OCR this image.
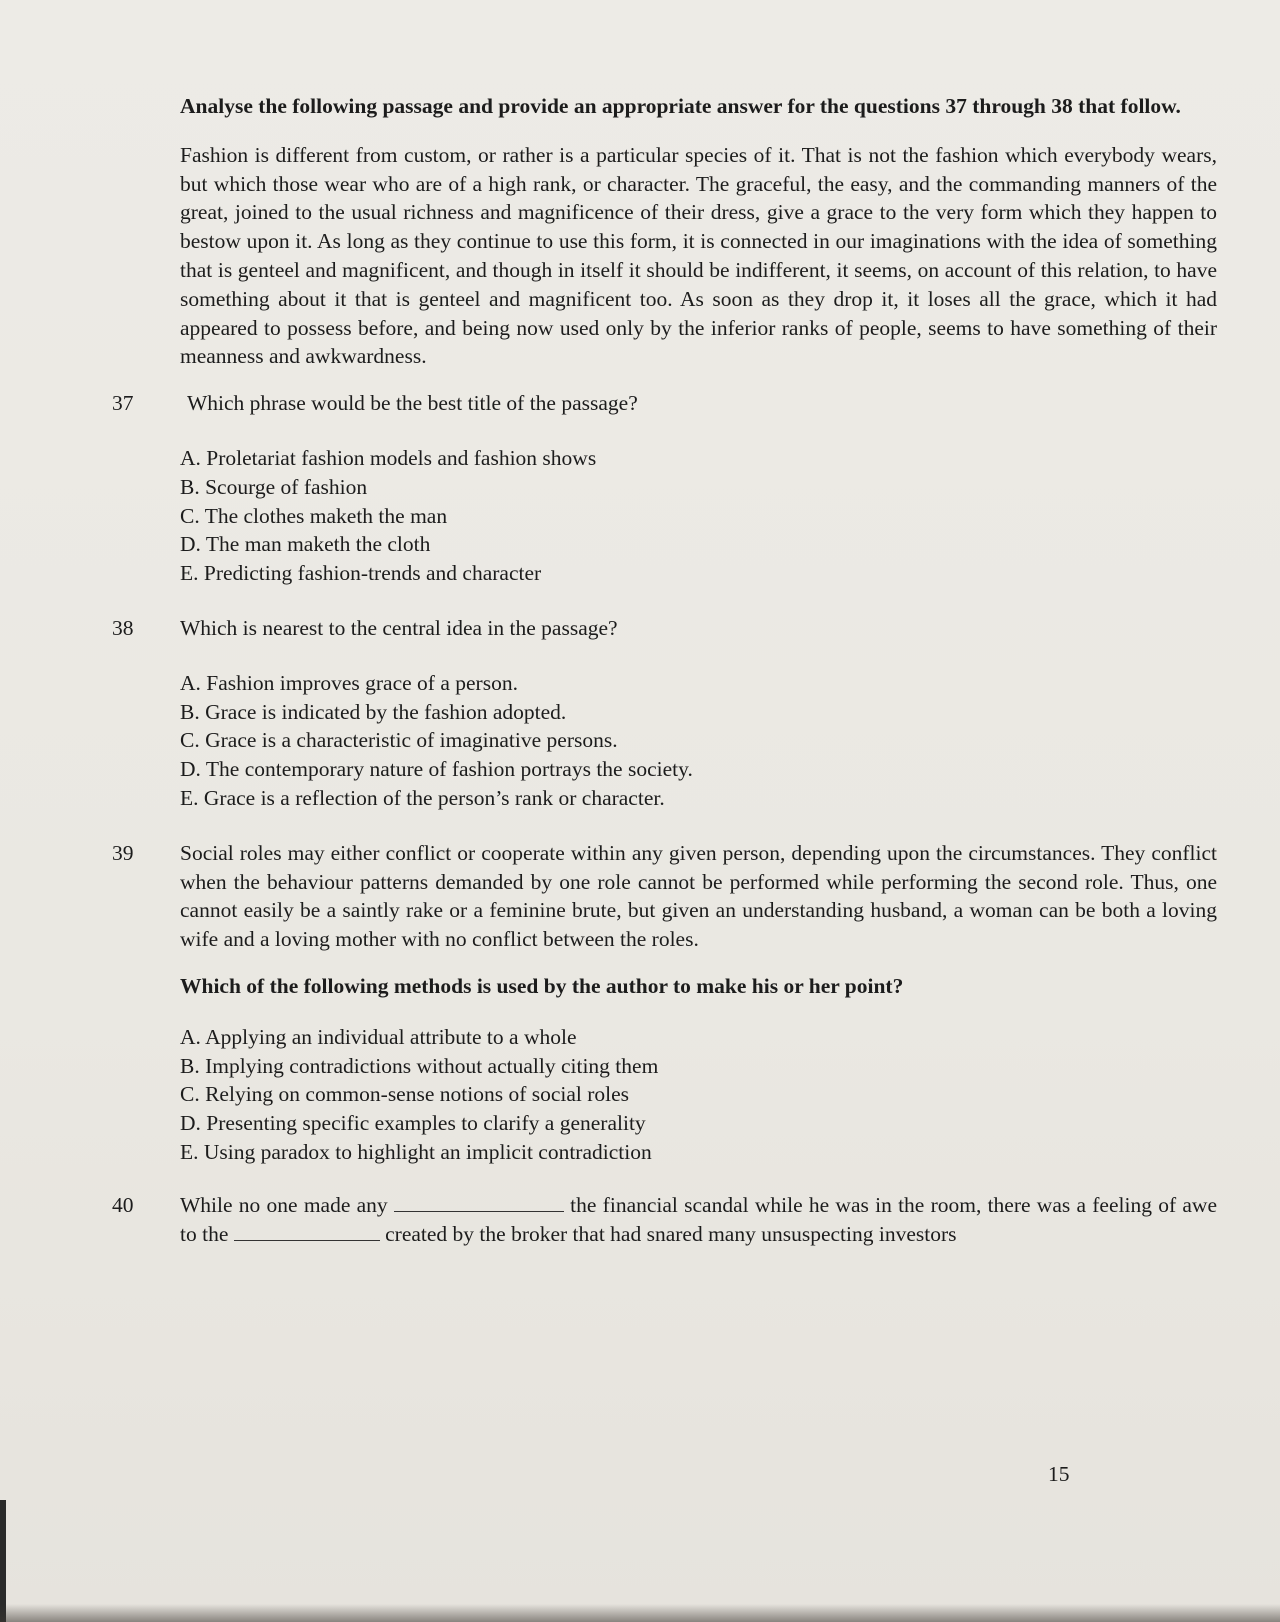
Analyse the following passage and provide an appropriate answer for the questions 37 through 38 that follow.
Fashion is different from custom, or rather is a particular species of it. That is not the fashion which everybody wears, but which those wear who are of a high rank, or character. The graceful, the easy, and the commanding manners of the great, joined to the usual richness and magnificence of their dress, give a grace to the very form which they happen to bestow upon it. As long as they continue to use this form, it is connected in our imaginations with the idea of something that is genteel and magnificent, and though in itself it should be indifferent, it seems, on account of this relation, to have something about it that is genteel and magnificent too. As soon as they drop it, it loses all the grace, which it had appeared to possess before, and being now used only by the inferior ranks of people, seems to have something of their meanness and awkwardness.
37	Which phrase would be the best title of the passage?
A. Proletariat fashion models and fashion shows
B. Scourge of fashion
C. The clothes maketh the man
D. The man maketh the cloth
E. Predicting fashion-trends and character
38	Which is nearest to the central idea in the passage?
A. Fashion improves grace of a person.
B. Grace is indicated by the fashion adopted.
C. Grace is a characteristic of imaginative persons.
D. The contemporary nature of fashion portrays the society.
E. Grace is a reflection of the person’s rank or character.
39	Social roles may either conflict or cooperate within any given person, depending upon the circumstances. They conflict when the behaviour patterns demanded by one role cannot be performed while performing the second role. Thus, one cannot easily be a saintly rake or a feminine brute, but given an understanding husband, a woman can be both a loving wife and a loving mother with no conflict between the roles.
Which of the following methods is used by the author to make his or her point?
A. Applying an individual attribute to a whole
B. Implying contradictions without actually citing them
C. Relying on common-sense notions of social roles
D. Presenting specific examples to clarify a generality
E. Using paradox to highlight an implicit contradiction
40	While no one made any	the financial scandal while he was in the room, there was a feeling of awe to the	created by the broker that had snared many unsuspecting investors
15
